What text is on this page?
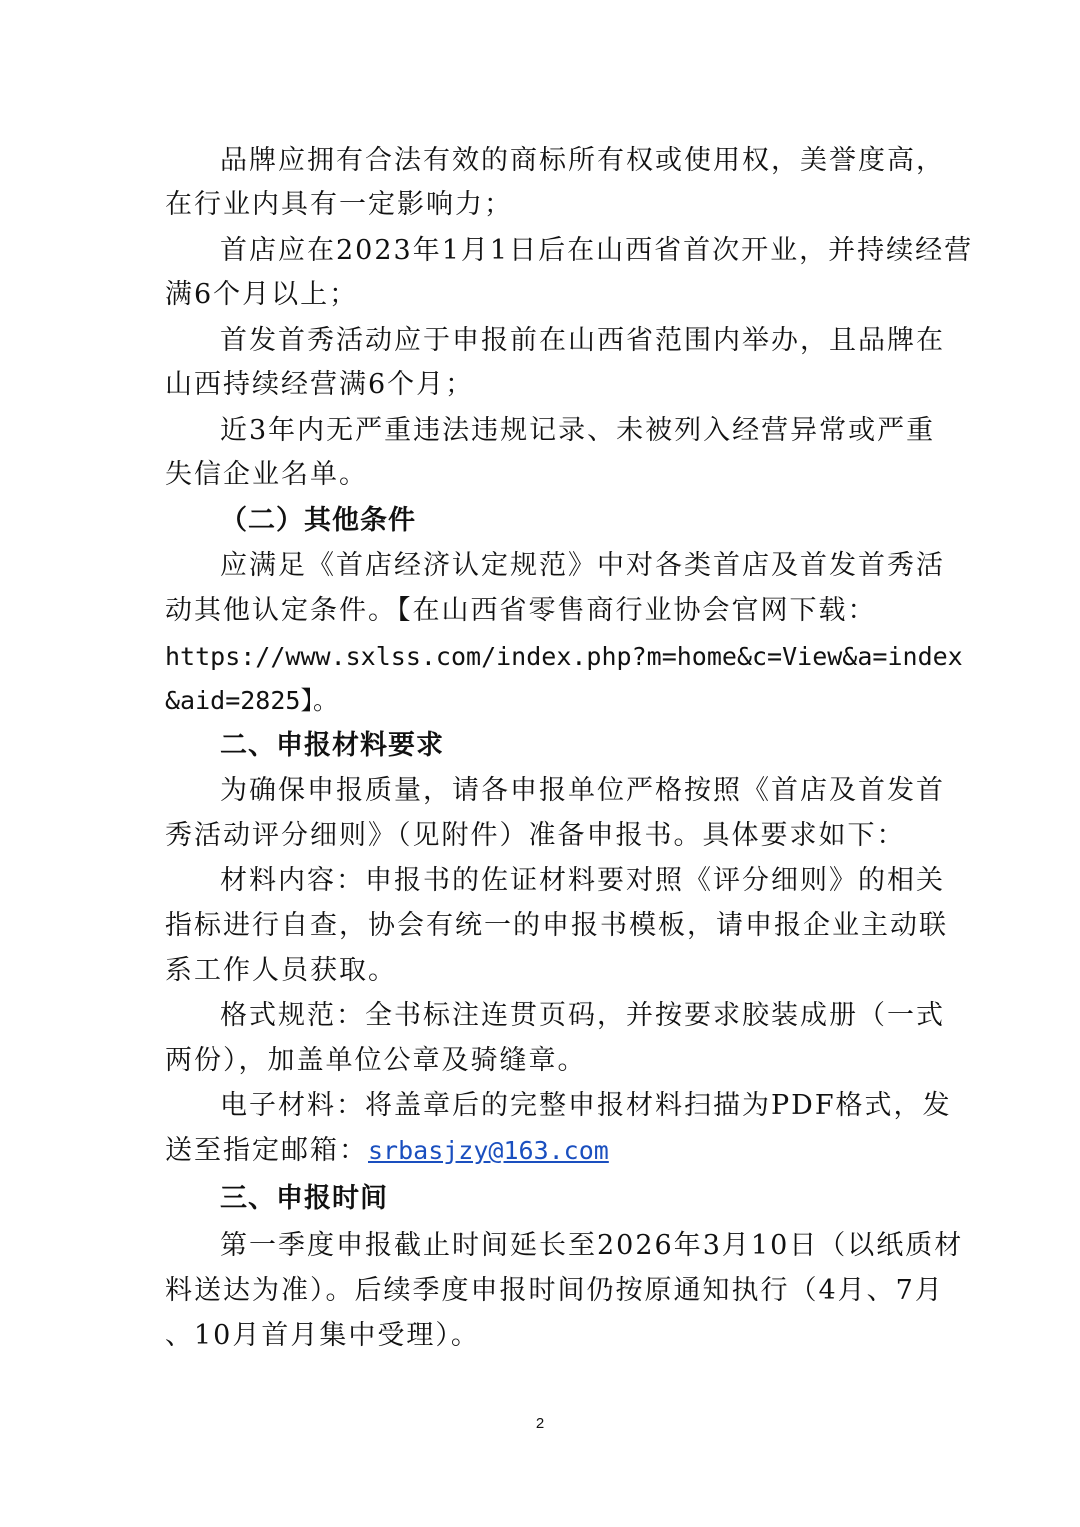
品牌应拥有合法有效的商标所有权或使用权，美誉度高，
在行业内具有一定影响力；
首店应在2023年1月1日后在山西省首次开业，并持续经营
满6个月以上；
首发首秀活动应于申报前在山西省范围内举办，且品牌在
山西持续经营满6个月；
近3年内无严重违法违规记录、未被列入经营异常或严重
失信企业名单。
（二）其他条件
应满足《首店经济认定规范》中对各类首店及首发首秀活
动其他认定条件。【在山西省零售商行业协会官网下载：
https://www.sxlss.com/index.php?m=home&c=View&a=index
&aid=2825】。
二、申报材料要求
为确保申报质量，请各申报单位严格按照《首店及首发首
秀活动评分细则》（见附件）准备申报书。具体要求如下：
材料内容：申报书的佐证材料要对照《评分细则》的相关
指标进行自查，协会有统一的申报书模板，请申报企业主动联
系工作人员获取。
格式规范：全书标注连贯页码，并按要求胶装成册（一式
两份），加盖单位公章及骑缝章。
电子材料：将盖章后的完整申报材料扫描为PDF格式，发
送至指定邮箱：srbasjzy@163.com
三、申报时间
第一季度申报截止时间延长至2026年3月10日（以纸质材
料送达为准）。后续季度申报时间仍按原通知执行（4月、7月
、10月首月集中受理）。
2
